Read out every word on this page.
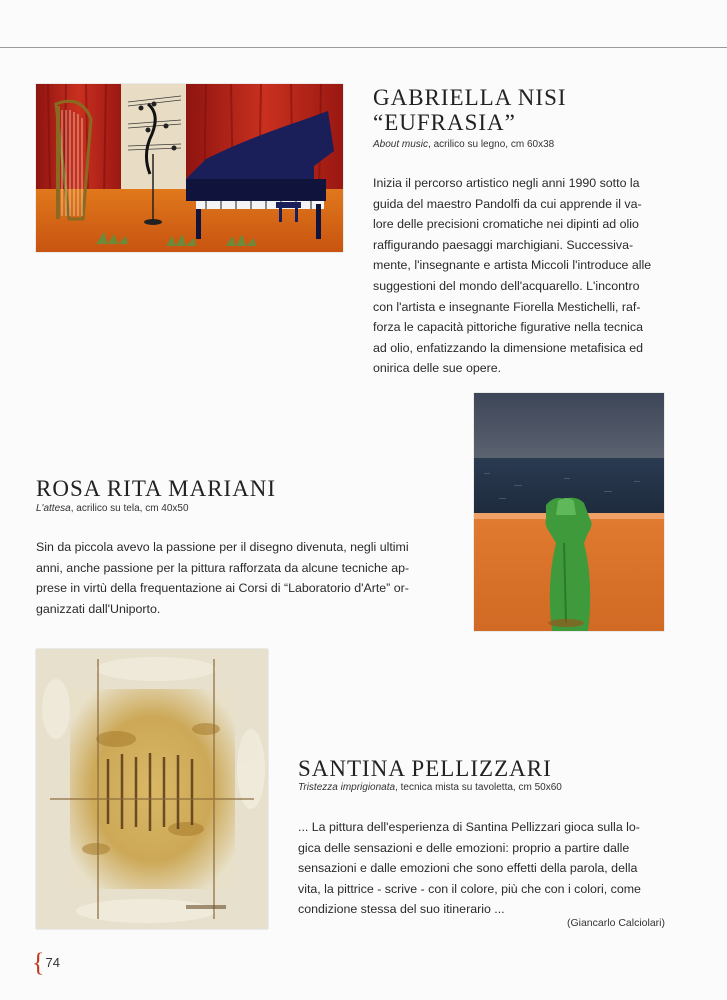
GABRIELLA NISI
“EUFRASIA”

About music, acrilico su legno, cm 60x38

Inizia il percorso artistico negli anni 1990 sotto la
guida del maestro Pandolfi da cui apprende il va-
lore delle precisioni cromatiche nei dipinti ad olio
raffigurando paesaggi marchigiani. Successiva-
mente, l'insegnante e artista Miccoli l'introduce alle
suggestioni del mondo dell'acquarello. L'incontro
con l'artista e insegnante Fiorella Mestichelli, raf-
forza le capacità pittoriche figurative nella tecnica
ad olio, enfatizzando la dimensione metafisica ed
onirica delle sue opere.
ROSA RITA MARIANI

L'attesa, acrilico su tela, cm 40x50

Sin da piccola avevo la passione per il disegno divenuta, negli ultimi
anni, anche passione per la pittura rafforzata da alcune tecniche ap-
prese in virtù della frequentazione ai Corsi di “Laboratorio d'Arte” or-
ganizzati dall'Uniporto.
SANTINA PELLIZZARI

Tristezza imprigionata, tecnica mista su tavoletta, cm 50x60

... La pittura dell'esperienza di Santina Pellizzari gioca sulla lo-
gica delle sensazioni e delle emozioni: proprio a partire dalle
sensazioni e dalle emozioni che sono effetti della parola, della
vita, la pittrice - scrive - con il colore, più che con i colori, come
condizione stessa del suo itinerario ...

(Giancarlo Calciolari)

{74
